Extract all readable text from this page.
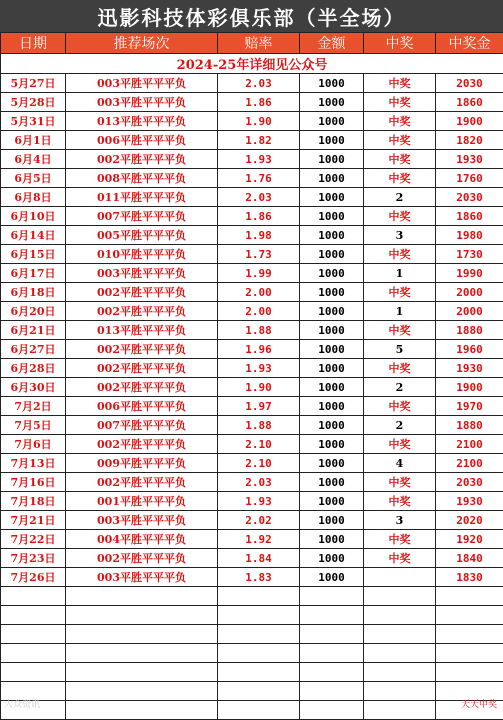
迅影科技体彩俱乐部（半全场）
日期	推荐场次	赔率	金额	中奖	中奖金
2024-25年详细见公众号					
5月27日	003平胜平平平负	2.03	1000	中奖	2030
5月28日	003平胜平平平负	1.86	1000	中奖	1860
5月31日	013平胜平平平负	1.90	1000	中奖	1900
6月1日	006平胜平平平负	1.82	1000	中奖	1820
6月4日	002平胜平平平负	1.93	1000	中奖	1930
6月5日	008平胜平平平负	1.76	1000	中奖	1760
6月8日	011平胜平平平负	2.03	1000	2	2030
6月10日	007平胜平平平负	1.86	1000	中奖	1860
6月14日	005平胜平平平负	1.98	1000	3	1980
6月15日	010平胜平平平负	1.73	1000	中奖	1730
6月17日	003平胜平平平负	1.99	1000	1	1990
6月18日	002平胜平平平负	2.00	1000	中奖	2000
6月20日	002平胜平平平负	2.00	1000	1	2000
6月21日	013平胜平平平负	1.88	1000	中奖	1880
6月27日	002平胜平平平负	1.96	1000	5	1960
6月28日	002平胜平平平负	1.93	1000	中奖	1930
6月30日	002平胜平平平负	1.90	1000	2	1900
7月2日	006平胜平平平负	1.97	1000	中奖	1970
7月5日	007平胜平平平负	1.88	1000	2	1880
7月6日	002平胜平平平负	2.10	1000	中奖	2100
7月13日	009平胜平平平负	2.10	1000	4	2100
7月16日	002平胜平平平负	2.03	1000	中奖	2030
7月18日	001平胜平平平负	1.93	1000	中奖	1930
7月21日	003平胜平平平负	2.02	1000	3	2020
7月22日	004平胜平平平负	1.92	1000	中奖	1920
7月23日	002平胜平平平负	1.84	1000	中奖	1840
7月26日	003平胜平平平负	1.83	1000		1830

大众资讯	天天中奖
